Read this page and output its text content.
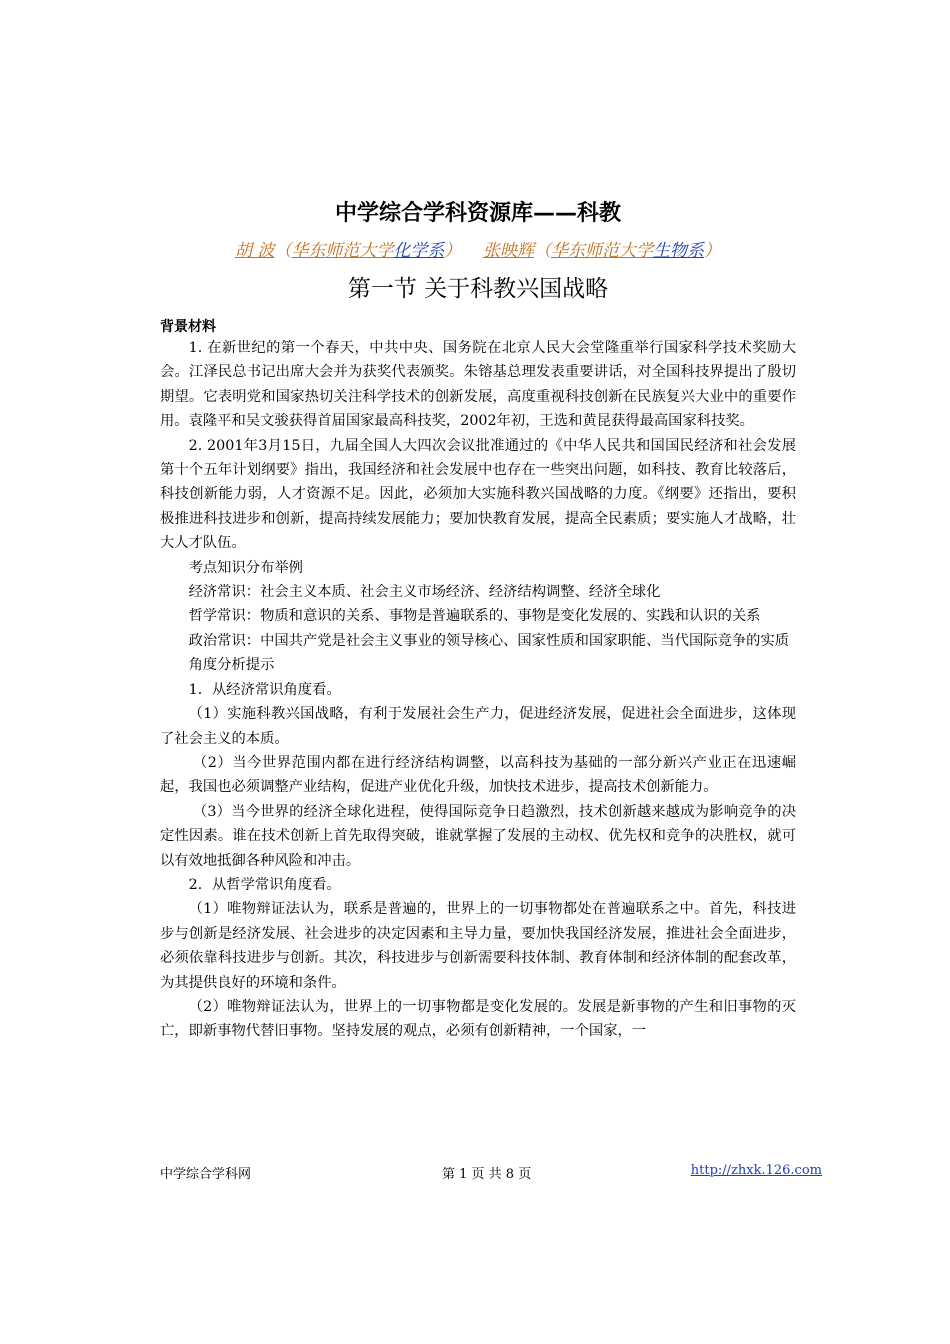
中学综合学科资源库——科教
胡 波（华东师范大学化学系） 张映辉（华东师范大学生物系）
第一节 关于科教兴国战略
背景材料

1. 在新世纪的第一个春天，中共中央、国务院在北京人民大会堂隆重举行国家科学技术奖励大会。江泽民总书记出席大会并为获奖代表颁奖。朱镕基总理发表重要讲话，对全国科技界提出了殷切期望。它表明党和国家热切关注科学技术的创新发展，高度重视科技创新在民族复兴大业中的重要作用。袁隆平和吴文骏获得首届国家最高科技奖，2002年初，王选和黄昆获得最高国家科技奖。

2. 2001年3月15日，九届全国人大四次会议批准通过的《中华人民共和国国民经济和社会发展第十个五年计划纲要》指出，我国经济和社会发展中也存在一些突出问题，如科技、教育比较落后，科技创新能力弱，人才资源不足。因此，必须加大实施科教兴国战略的力度。《纲要》还指出，要积极推进科技进步和创新，提高持续发展能力；要加快教育发展，提高全民素质；要实施人才战略，壮大人才队伍。

考点知识分布举例

经济常识：社会主义本质、社会主义市场经济、经济结构调整、经济全球化

哲学常识：物质和意识的关系、事物是普遍联系的、事物是变化发展的、实践和认识的关系

政治常识：中国共产党是社会主义事业的领导核心、国家性质和国家职能、当代国际竞争的实质

角度分析提示

1．从经济常识角度看。

（1）实施科教兴国战略，有利于发展社会生产力，促进经济发展，促进社会全面进步，这体现了社会主义的本质。

（2）当今世界范围内都在进行经济结构调整，以高科技为基础的一部分新兴产业正在迅速崛起，我国也必须调整产业结构，促进产业优化升级，加快技术进步，提高技术创新能力。

（3）当今世界的经济全球化进程，使得国际竞争日趋激烈，技术创新越来越成为影响竞争的决定性因素。谁在技术创新上首先取得突破，谁就掌握了发展的主动权、优先权和竞争的决胜权，就可以有效地抵御各种风险和冲击。

2．从哲学常识角度看。

（1）唯物辩证法认为，联系是普遍的，世界上的一切事物都处在普遍联系之中。首先，科技进步与创新是经济发展、社会进步的决定因素和主导力量，要加快我国经济发展，推进社会全面进步，必须依靠科技进步与创新。其次，科技进步与创新需要科技体制、教育体制和经济体制的配套改革，为其提供良好的环境和条件。

（2）唯物辩证法认为，世界上的一切事物都是变化发展的。发展是新事物的产生和旧事物的灭亡，即新事物代替旧事物。坚持发展的观点，必须有创新精神，一个国家，一

中学综合学科网	第 1 页 共 8 页	http://zhxk.126.com
